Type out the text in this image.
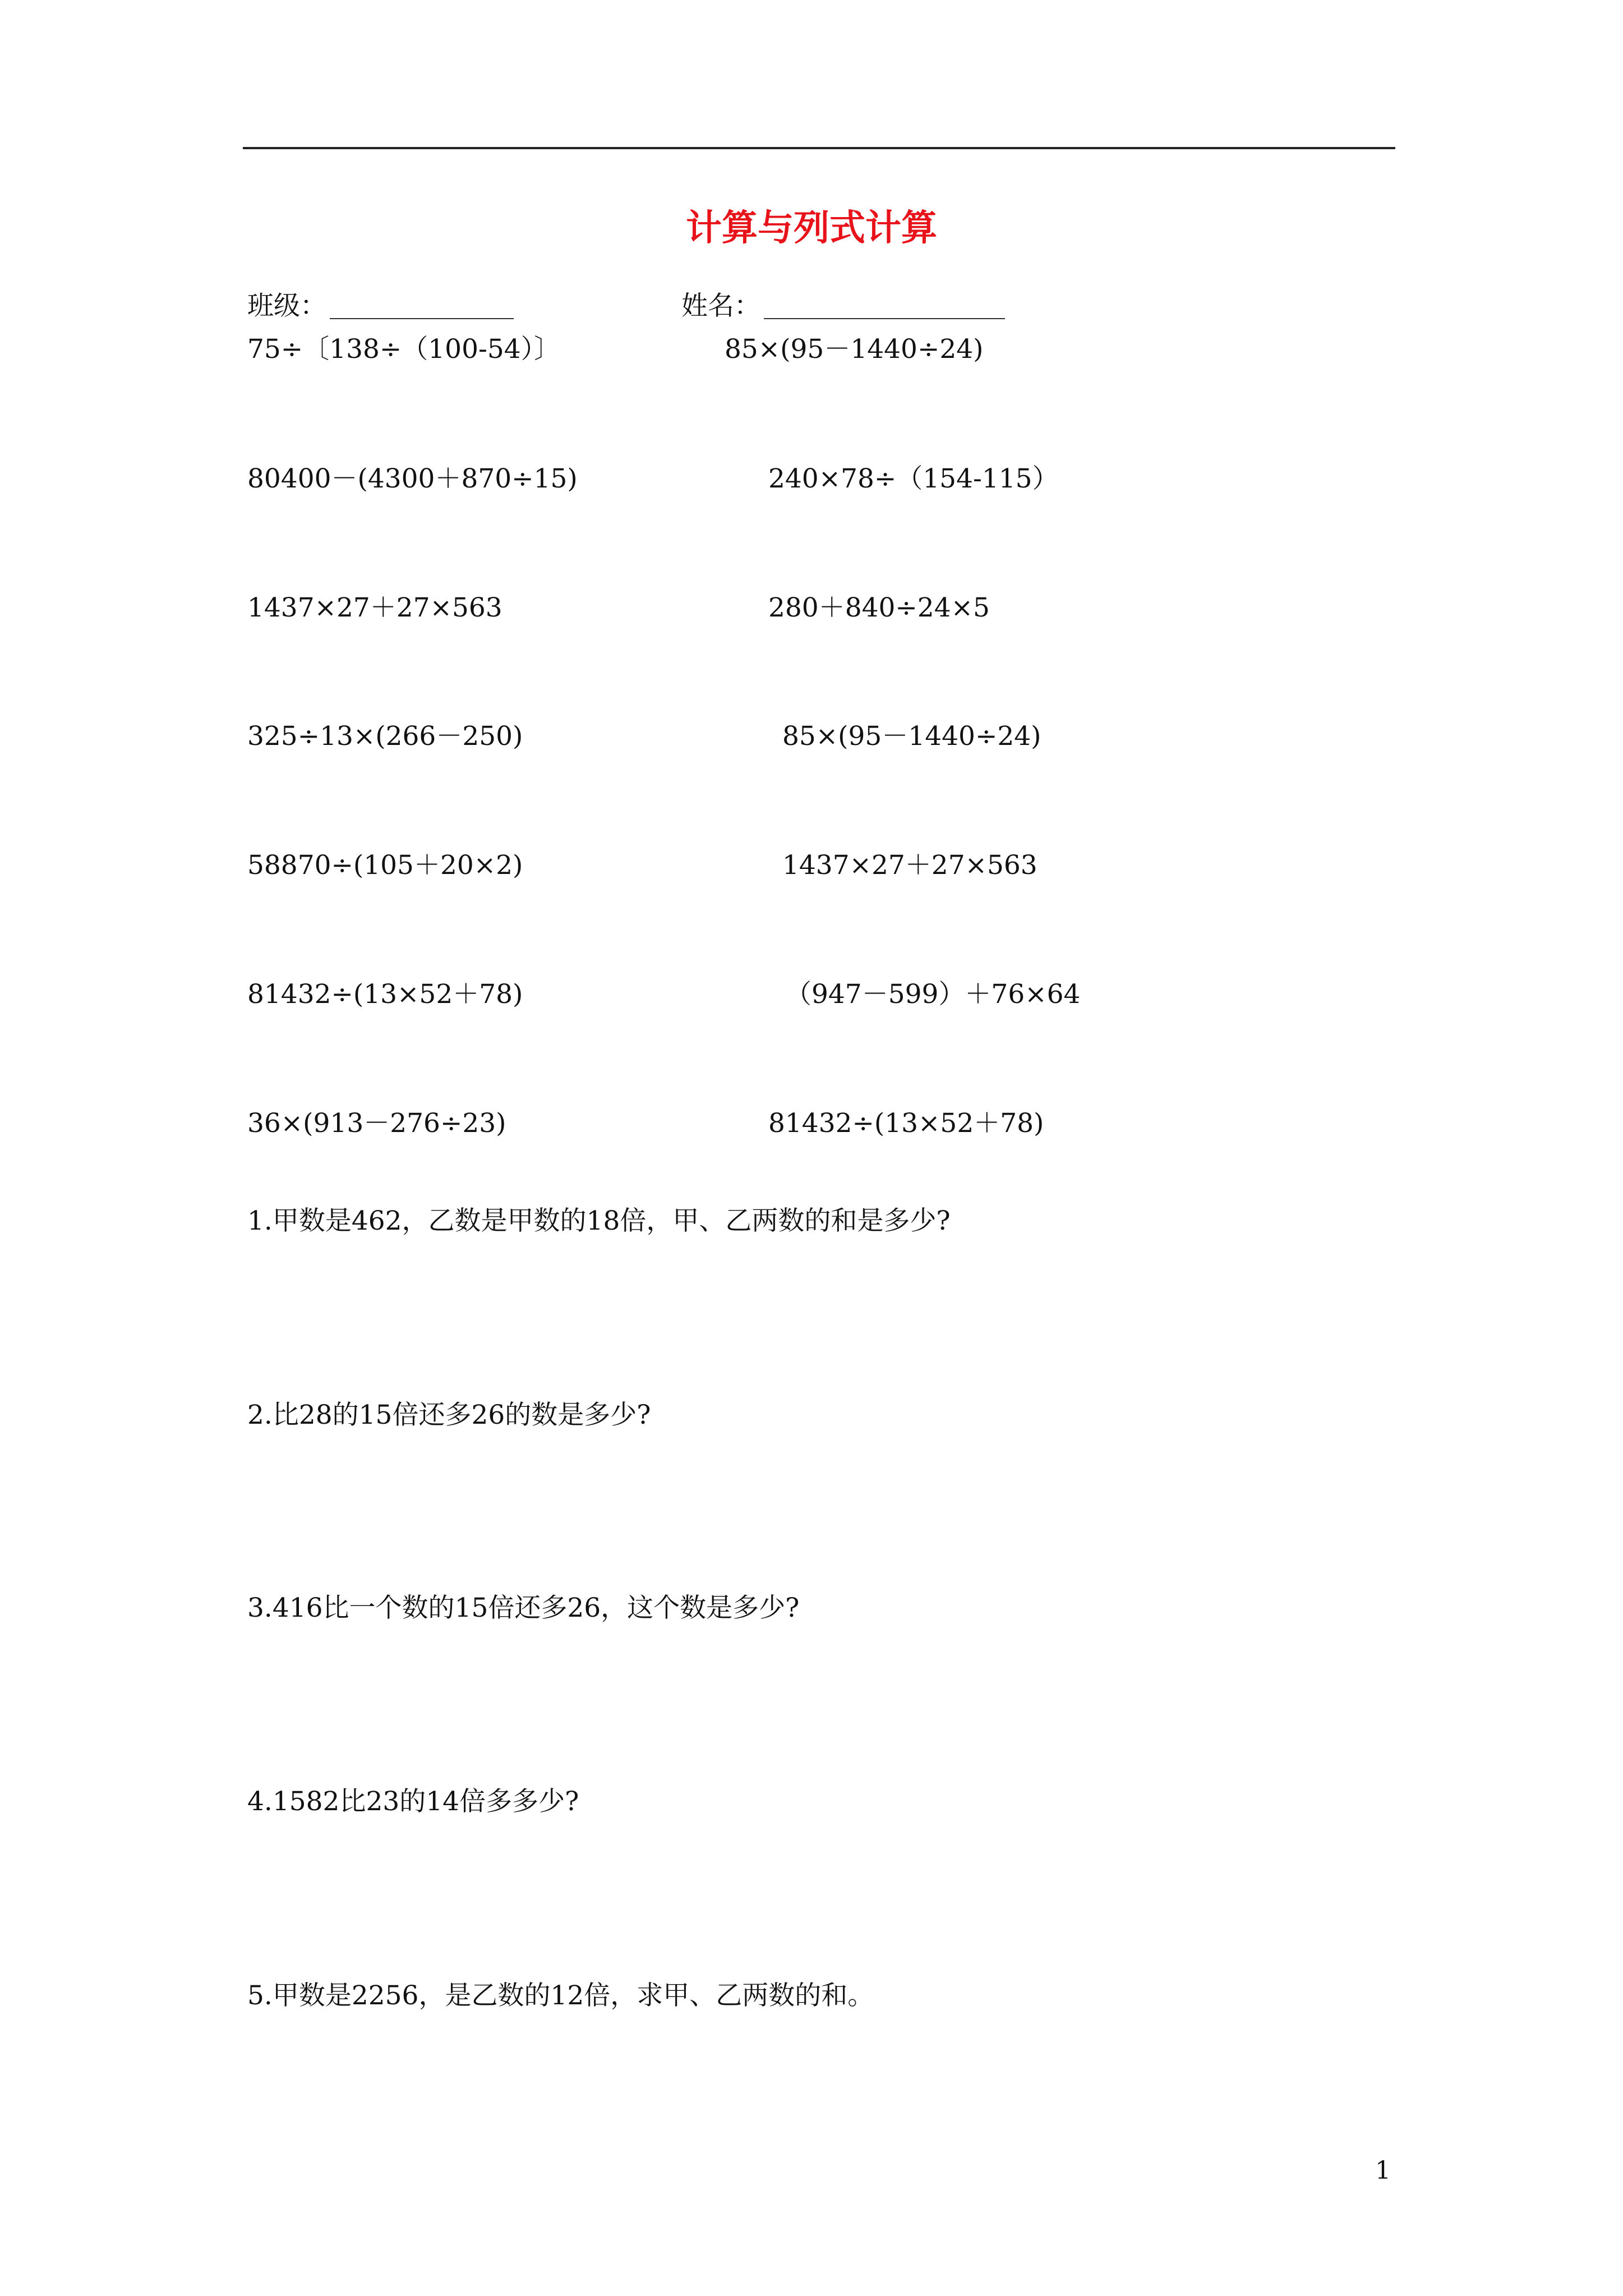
计算与列式计算
班级：	姓名：
75÷〔138÷（100-54）〕
80400－(4300＋870÷15)
1437×27＋27×563
325÷13×(266－250)
58870÷(105＋20×2)
81432÷(13×52＋78)
36×(913－276÷23)
85×(95－1440÷24)
240×78÷（154-115）
280＋840÷24×5
85×(95－1440÷24)
1437×27＋27×563
（947－599）＋76×64
81432÷(13×52＋78)
1.甲数是462，乙数是甲数的18倍，甲、乙两数的和是多少?
2.比28的15倍还多26的数是多少?
3.416比一个数的15倍还多26，这个数是多少?
4.1582比23的14倍多多少?
5.甲数是2256，是乙数的12倍，求甲、乙两数的和。
1
